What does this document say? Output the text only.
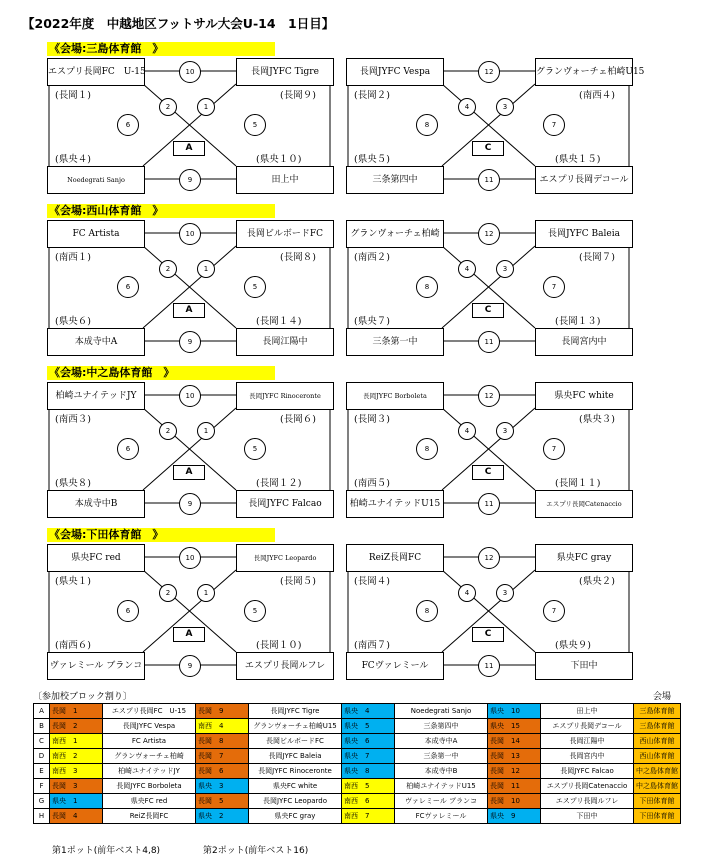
【2022年度　中越地区フットサル大会U-14　1日目】
《会場:三島体育館　》
エスプリ長岡FC　U-15	長岡JYFC Tigre
Noedegrati Sanjo	田上中
(長岡１)	(長岡９)
(県央４)	(県央１０)
10
9
6	5
2	1
A
長岡JYFC Vespa	グランヴォーチェ柏崎U15
三条第四中	エスプリ長岡デコール
(長岡２)	(南西４)
(県央５)	(県央１５)
12
11
8	7
4	3
C
《会場:西山体育館　》
FC Artista	長岡ビルボードFC
本成寺中A	長岡江陽中
(南西１)	(長岡８)
(県央６)	(長岡１４)
10
9
6	5
2	1
A
グランヴォーチェ柏崎	長岡JYFC Baleia
三条第一中	長岡宮内中
(南西２)	(長岡７)
(県央７)	(長岡１３)
12
11
8	7
4	3
C
《会場:中之島体育館　》
柏崎ユナイテッドJY	長岡JYFC Rinoceronte
本成寺中B	長岡JYFC Falcao
(南西３)	(長岡６)
(県央８)	(長岡１２)
10
9
6	5
2	1
A
長岡JYFC Borboleta	県央FC white
柏崎ユナイテッドU15	エスプリ長岡Catenaccio
(長岡３)	(県央３)
(南西５)	(長岡１１)
12
11
8	7
4	3
C
《会場:下田体育館　》
県央FC red	長岡JYFC Leopardo
ヴァレミール ブランコ	エスプリ長岡ルフレ
(県央１)	(長岡５)
(南西６)	(長岡１０)
10
9
6	5
2	1
A
ReiZ長岡FC	県央FC gray
FCヴァレミール	下田中
(長岡４)	(県央２)
(南西７)	(県央９)
12
11
8	7
4	3
C
〔参加校ブロック割り〕	会場
A	長岡　1	エスプリ長岡FC　U-15	長岡　9	長岡JYFC Tigre	県央　4	Noedegrati Sanjo	県央　10	田上中	三島体育館
B	長岡　2	長岡JYFC Vespa	南西　4	グランヴォーチェ柏崎U15	県央　5	三条第四中	県央　15	エスプリ長岡デコール	三島体育館
C	南西　1	FC Artista	長岡　8	長岡ビルボードFC	県央　6	本成寺中A	長岡　14	長岡江陽中	西山体育館
D	南西　2	グランヴォーチェ柏崎	長岡　7	長岡JYFC Baleia	県央　7	三条第一中	長岡　13	長岡宮内中	西山体育館
E	南西　3	柏崎ユナイテッドJY	長岡　6	長岡JYFC Rinoceronte	県央　8	本成寺中B	長岡　12	長岡JYFC Falcao	中之島体育館
F	長岡　3	長岡JYFC Borboleta	県央　3	県央FC white	南西　5	柏崎ユナイテッドU15	長岡　11	エスプリ長岡Catenaccio	中之島体育館
G	県央　1	県央FC red	長岡　5	長岡JYFC Leopardo	南西　6	ヴァレミール ブランコ	長岡　10	エスプリ長岡ルフレ	下田体育館
H	長岡　4	ReiZ長岡FC	県央　2	県央FC gray	南西　7	FCヴァレミール	県央　9	下田中	下田体育館
第1ポット(前年ベスト4,8)	第2ポット(前年ベスト16)
